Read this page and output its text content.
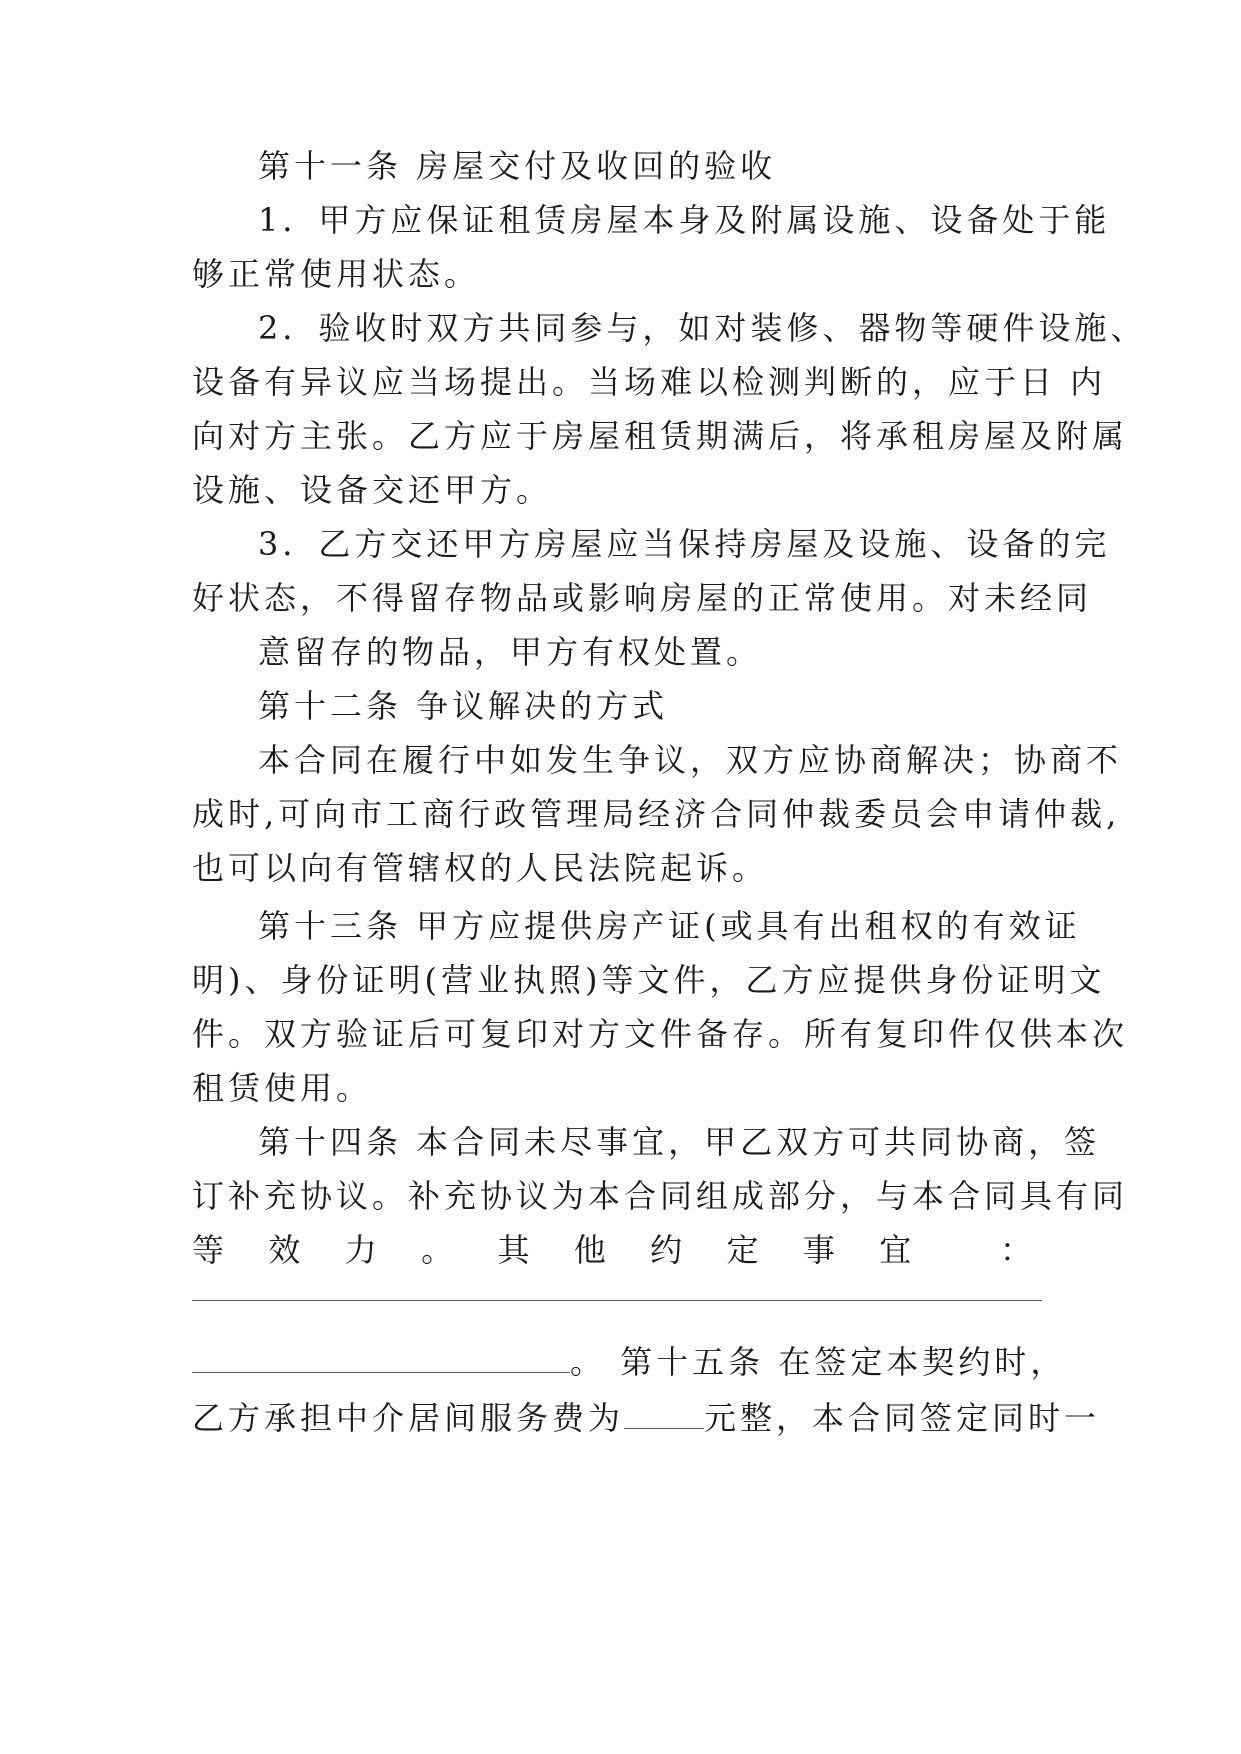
第十一条 房屋交付及收回的验收
1．甲方应保证租赁房屋本身及附属设施、设备处于能
够正常使用状态。
2．验收时双方共同参与，如对装修、器物等硬件设施、
设备有异议应当场提出。当场难以检测判断的，应于日 内
向对方主张。乙方应于房屋租赁期满后，将承租房屋及附属
设施、设备交还甲方。
3．乙方交还甲方房屋应当保持房屋及设施、设备的完
好状态，不得留存物品或影响房屋的正常使用。对未经同
意留存的物品，甲方有权处置。
第十二条 争议解决的方式
本合同在履行中如发生争议，双方应协商解决；协商不
成时,可向市工商行政管理局经济合同仲裁委员会申请仲裁,
也可以向有管辖权的人民法院起诉。
第十三条 甲方应提供房产证(或具有出租权的有效证
明)、身份证明(营业执照)等文件，乙方应提供身份证明文
件。双方验证后可复印对方文件备存。所有复印件仅供本次
租赁使用。
第十四条 本合同未尽事宜，甲乙双方可共同协商，签
订补充协议。补充协议为本合同组成部分，与本合同具有同
等 效 力 。 其 他 约 定 事 宜	：
。 第十五条 在签定本契约时，
乙方承担中介居间服务费为	元整，本合同签定同时一
